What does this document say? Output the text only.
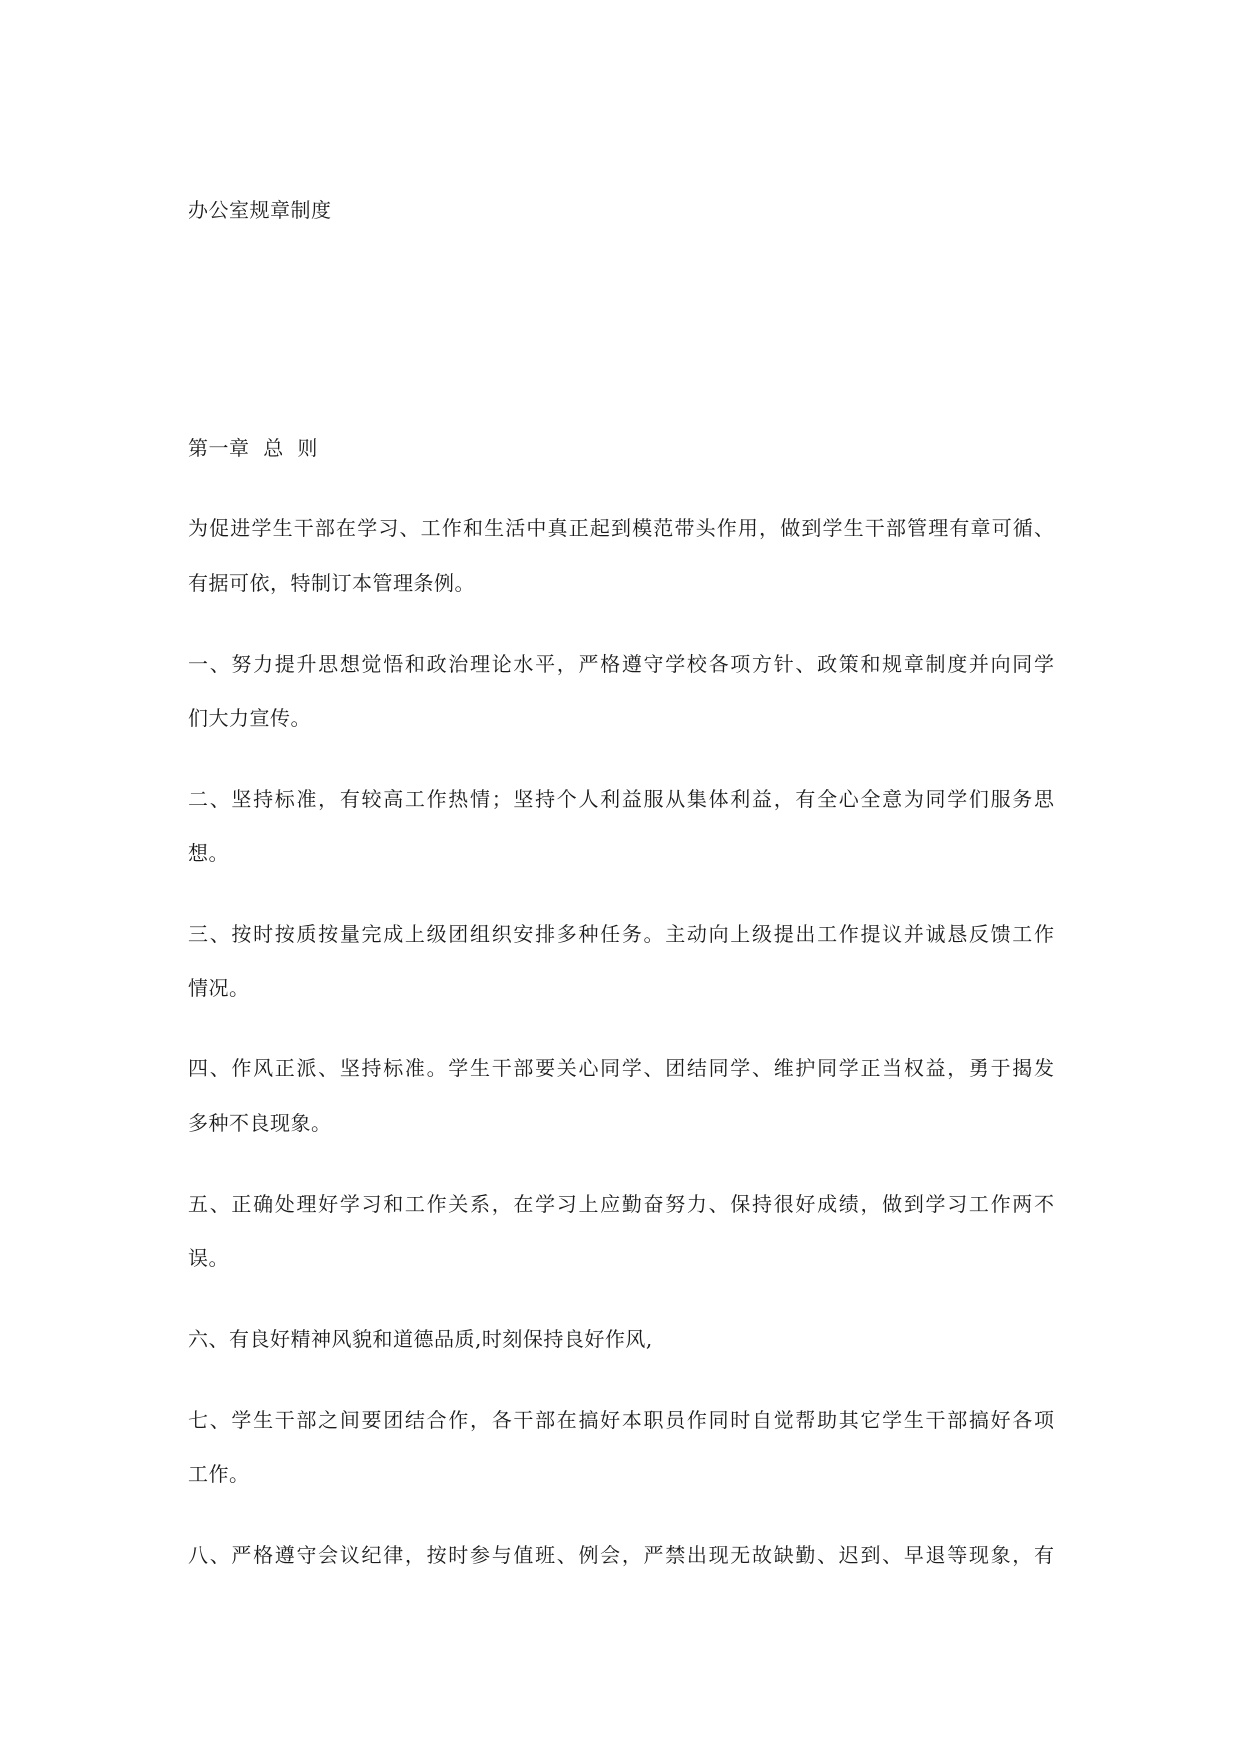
办公室规章制度
第一章  总  则
为促进学生干部在学习、工作和生活中真正起到模范带头作用，做到学生干部管理有章可循、
有据可依，特制订本管理条例。
一、努力提升思想觉悟和政治理论水平，严格遵守学校各项方针、政策和规章制度并向同学
们大力宣传。
二、坚持标准，有较高工作热情；坚持个人利益服从集体利益，有全心全意为同学们服务思
想。
三、按时按质按量完成上级团组织安排多种任务。主动向上级提出工作提议并诚恳反馈工作
情况。
四、作风正派、坚持标准。学生干部要关心同学、团结同学、维护同学正当权益，勇于揭发
多种不良现象。
五、正确处理好学习和工作关系，在学习上应勤奋努力、保持很好成绩，做到学习工作两不
误。
六、有良好精神风貌和道德品质,时刻保持良好作风,
七、学生干部之间要团结合作，各干部在搞好本职员作同时自觉帮助其它学生干部搞好各项
工作。
八、严格遵守会议纪律，按时参与值班、例会，严禁出现无故缺勤、迟到、早退等现象，有
